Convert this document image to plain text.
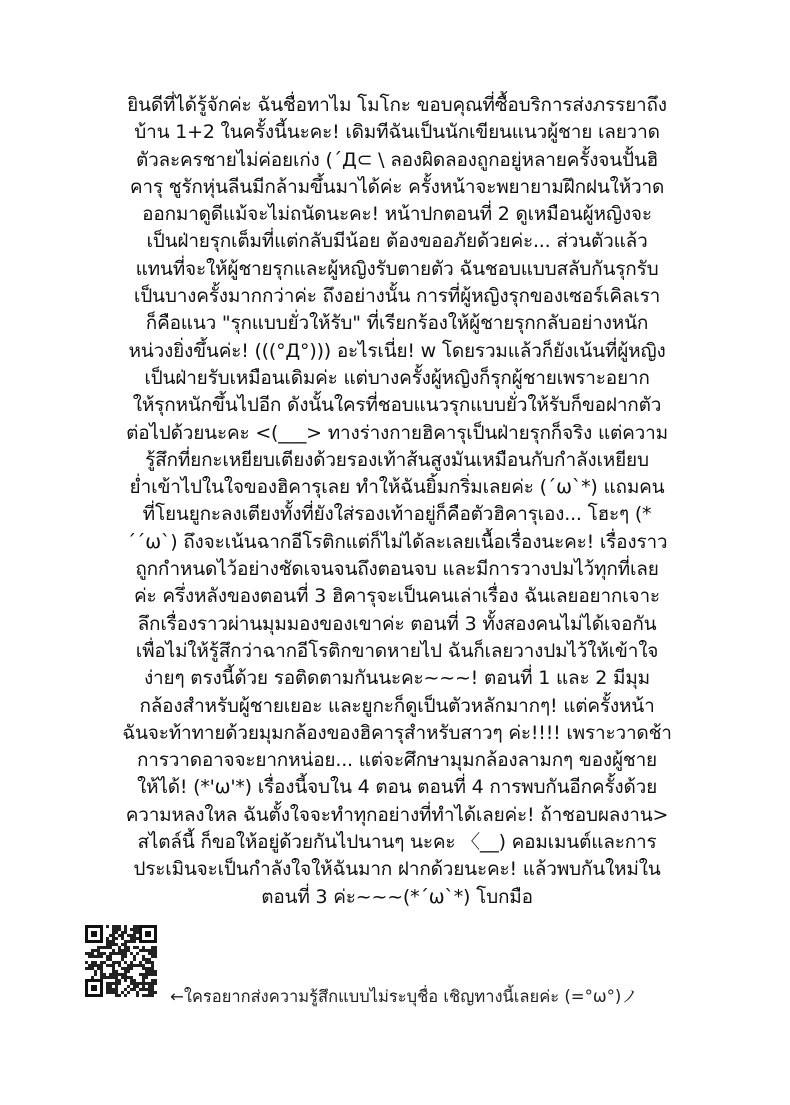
ยินดีที่ได้รู้จักค่ะ ฉันชื่อทาไม โมโกะ ขอบคุณที่ซื้อบริการส่งภรรยาถึง
บ้าน 1+2 ในครั้งนี้นะคะ! เดิมทีฉันเป็นนักเขียนแนวผู้ชาย เลยวาด
ตัวละครชายไม่ค่อยเก่ง (´Д⊂ \ ลองผิดลองถูกอยู่หลายครั้งจนปั้นฮิ
คารุ ชูรักหุ่นลีนมีกล้ามขึ้นมาได้ค่ะ ครั้งหน้าจะพยายามฝึกฝนให้วาด
ออกมาดูดีแม้จะไม่ถนัดนะคะ! หน้าปกตอนที่ 2 ดูเหมือนผู้หญิงจะ
เป็นฝ่ายรุกเต็มที่แต่กลับมีน้อย ต้องขออภัยด้วยค่ะ... ส่วนตัวแล้ว
แทนที่จะให้ผู้ชายรุกและผู้หญิงรับตายตัว ฉันชอบแบบสลับกันรุกรับ
เป็นบางครั้งมากกว่าค่ะ ถึงอย่างนั้น การที่ผู้หญิงรุกของเซอร์เคิลเรา
ก็คือแนว "รุกแบบยั่วให้รับ" ที่เรียกร้องให้ผู้ชายรุกกลับอย่างหนัก
หน่วงยิ่งขึ้นค่ะ! (((°Д°))) อะไรเนี่ย! w โดยรวมแล้วก็ยังเน้นที่ผู้หญิง
เป็นฝ่ายรับเหมือนเดิมค่ะ แต่บางครั้งผู้หญิงก็รุกผู้ชายเพราะอยาก
ให้รุกหนักขึ้นไปอีก ดังนั้นใครที่ชอบแนวรุกแบบยั่วให้รับก็ขอฝากตัว
ต่อไปด้วยนะคะ <(___> ทางร่างกายฮิคารุเป็นฝ่ายรุกก็จริง แต่ความ
รู้สึกที่ยกะเหยียบเตียงด้วยรองเท้าส้นสูงมันเหมือนกับกำลังเหยียบ
ย่ำเข้าไปในใจของฮิคารุเลย ทำให้ฉันยิ้มกริ่มเลยค่ะ (´ω`*) แถมคน
ที่โยนยูกะลงเตียงทั้งที่ยังใส่รองเท้าอยู่ก็คือตัวฮิคารุเอง... โฮะๆ (*
´´ω`) ถึงจะเน้นฉากอีโรติกแต่ก็ไม่ได้ละเลยเนื้อเรื่องนะคะ! เรื่องราว
ถูกกำหนดไว้อย่างชัดเจนจนถึงตอนจบ และมีการวางปมไว้ทุกที่เลย
ค่ะ ครึ่งหลังของตอนที่ 3 ฮิคารุจะเป็นคนเล่าเรื่อง ฉันเลยอยากเจาะ
ลึกเรื่องราวผ่านมุมมองของเขาค่ะ ตอนที่ 3 ทั้งสองคนไม่ได้เจอกัน
เพื่อไม่ให้รู้สึกว่าฉากอีโรติกขาดหายไป ฉันก็เลยวางปมไว้ให้เข้าใจ
ง่ายๆ ตรงนี้ด้วย รอติดตามกันนะคะ~~~! ตอนที่ 1 และ 2 มีมุม
กล้องสำหรับผู้ชายเยอะ และยูกะก็ดูเป็นตัวหลักมากๆ! แต่ครั้งหน้า
ฉันจะท้าทายด้วยมุมกล้องของฮิคารุสำหรับสาวๆ ค่ะ!!!! เพราะวาดช้า
การวาดอาจจะยากหน่อย... แต่จะศึกษามุมกล้องลามกๆ ของผู้ชาย
ให้ได้! (*'ω'*) เรื่องนี้จบใน 4 ตอน ตอนที่ 4 การพบกันอีกครั้งด้วย
ความหลงใหล ฉันตั้งใจจะทำทุกอย่างที่ทำได้เลยค่ะ! ถ้าชอบผลงาน>
สไตล์นี้ ก็ขอให้อยู่ด้วยกันไปนานๆ นะคะ 〈__) คอมเมนต์และการ
ประเมินจะเป็นกำลังใจให้ฉันมาก ฝากด้วยนะคะ! แล้วพบกันใหม่ใน
ตอนที่ 3 ค่ะ~~~(*´ω`*) โบกมือ
←ใครอยากส่งความรู้สึกแบบไม่ระบุชื่อ เชิญทางนี้เลยค่ะ (=°ω°)ノ
